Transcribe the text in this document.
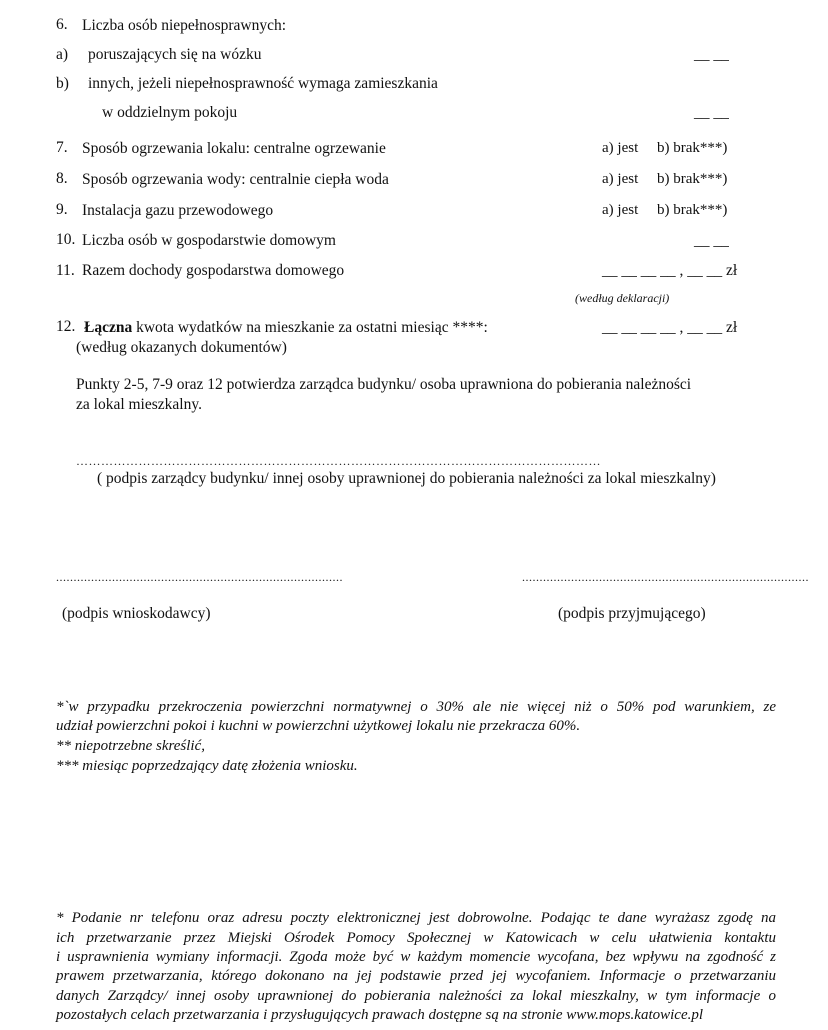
6. Liczba osób niepełnosprawnych:
a) poruszających się na wózku	__ __
b) innych, jeżeli niepełnosprawność wymaga zamieszkania
w oddzielnym pokoju	__ __
7. Sposób ogrzewania lokalu: centralne ogrzewanie	a) jest b) brak***)
8. Sposób ogrzewania wody: centralnie ciepła woda	a) jest b) brak***)
9. Instalacja gazu przewodowego	a) jest b) brak***)
10. Liczba osób w gospodarstwie domowym	__ __
11. Razem dochody gospodarstwa domowego	__ __ __ __ , __ __ zł
(według deklaracji)
12. Łączna kwota wydatków na mieszkanie za ostatni miesiąc ****:	__ __ __ __ , __ __ zł
(według okazanych dokumentów)
Punkty 2-5, 7-9 oraz 12 potwierdza zarządca budynku/ osoba uprawniona do pobierania należności
za lokal mieszkalny.
………………………………………………………………………………………………………………
( podpis zarządcy budynku/ innej osoby uprawnionej do pobierania należności za lokal mieszkalny)
..................................................................................	..................................................................................
(podpis wnioskodawcy)	(podpis przyjmującego)
*`w przypadku przekroczenia powierzchni normatywnej o 30% ale nie więcej niż o 50% pod warunkiem, ze
udział powierzchni pokoi i kuchni w powierzchni użytkowej lokalu nie przekracza 60%.
** niepotrzebne skreślić,
*** miesiąc poprzedzający datę złożenia wniosku.
* Podanie nr telefonu oraz adresu poczty elektronicznej jest dobrowolne. Podając te dane wyrażasz zgodę na
ich przetwarzanie przez Miejski Ośrodek Pomocy Społecznej w Katowicach w celu ułatwienia kontaktu
i usprawnienia wymiany informacji. Zgoda może być w każdym momencie wycofana, bez wpływu na zgodność z
prawem przetwarzania, którego dokonano na jej podstawie przed jej wycofaniem. Informacje o przetwarzaniu
danych Zarządcy/ innej osoby uprawnionej do pobierania należności za lokal mieszkalny, w tym informacje o
pozostałych celach przetwarzania i przysługujących prawach dostępne są na stronie www.mops.katowice.pl
